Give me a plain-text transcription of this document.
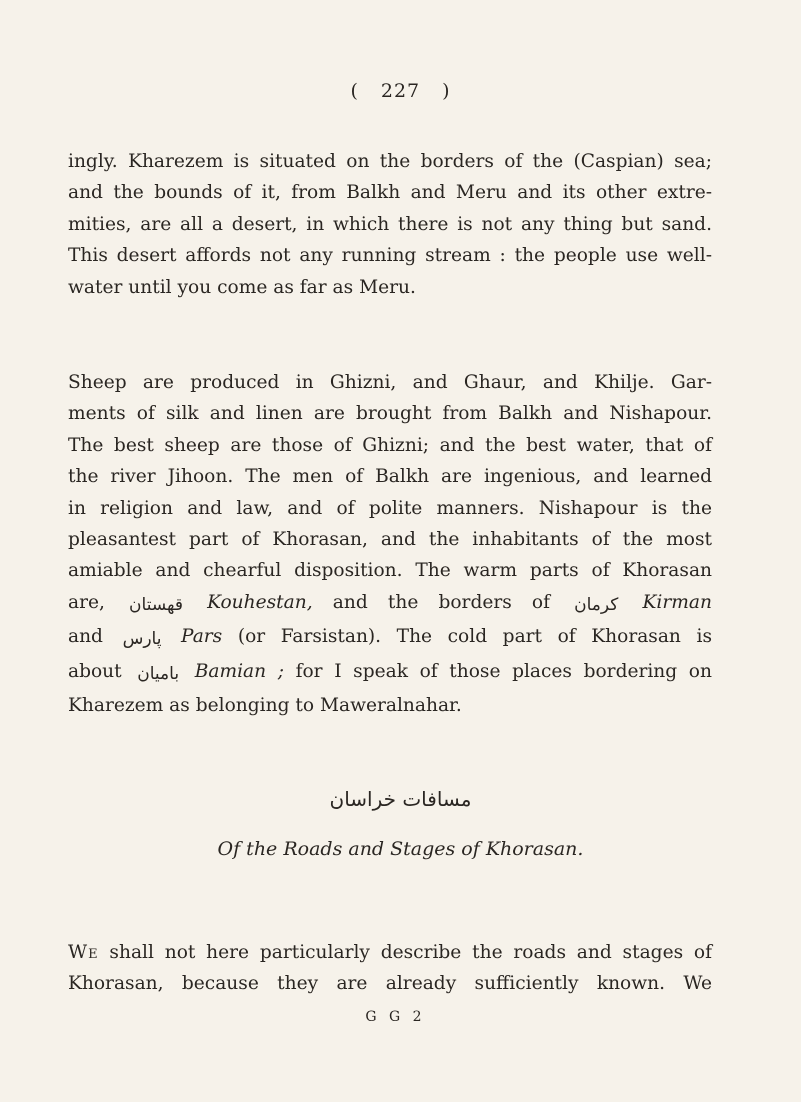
( 227 )
ingly. Kharezem is situated on the borders of the (Caspian) sea;
and the bounds of it, from Balkh and Meru and its other extre-
mities, are all a desert, in which there is not any thing but sand.
This desert affords not any running stream : the people use well-
water until you come as far as Meru.
Sheep are produced in Ghizni, and Ghaur, and Khilje. Gar-
ments of silk and linen are brought from Balkh and Nishapour.
The best sheep are those of Ghizni; and the best water, that of
the river Jihoon. The men of Balkh are ingenious, and learned
in religion and law, and of polite manners. Nishapour is the
pleasantest part of Khorasan, and the inhabitants of the most
amiable and chearful disposition. The warm parts of Khorasan
are, قهستان Kouhestan, and the borders of کرمان Kirman
and پارس Pars (or Farsistan). The cold part of Khorasan is
about بامیان Bamian ; for I speak of those places bordering on
Kharezem as belonging to Maweralnahar.
مسافات خراسان
Of the Roads and Stages of Khorasan.
We shall not here particularly describe the roads and stages of
Khorasan, because they are already sufficiently known. We
G G 2
